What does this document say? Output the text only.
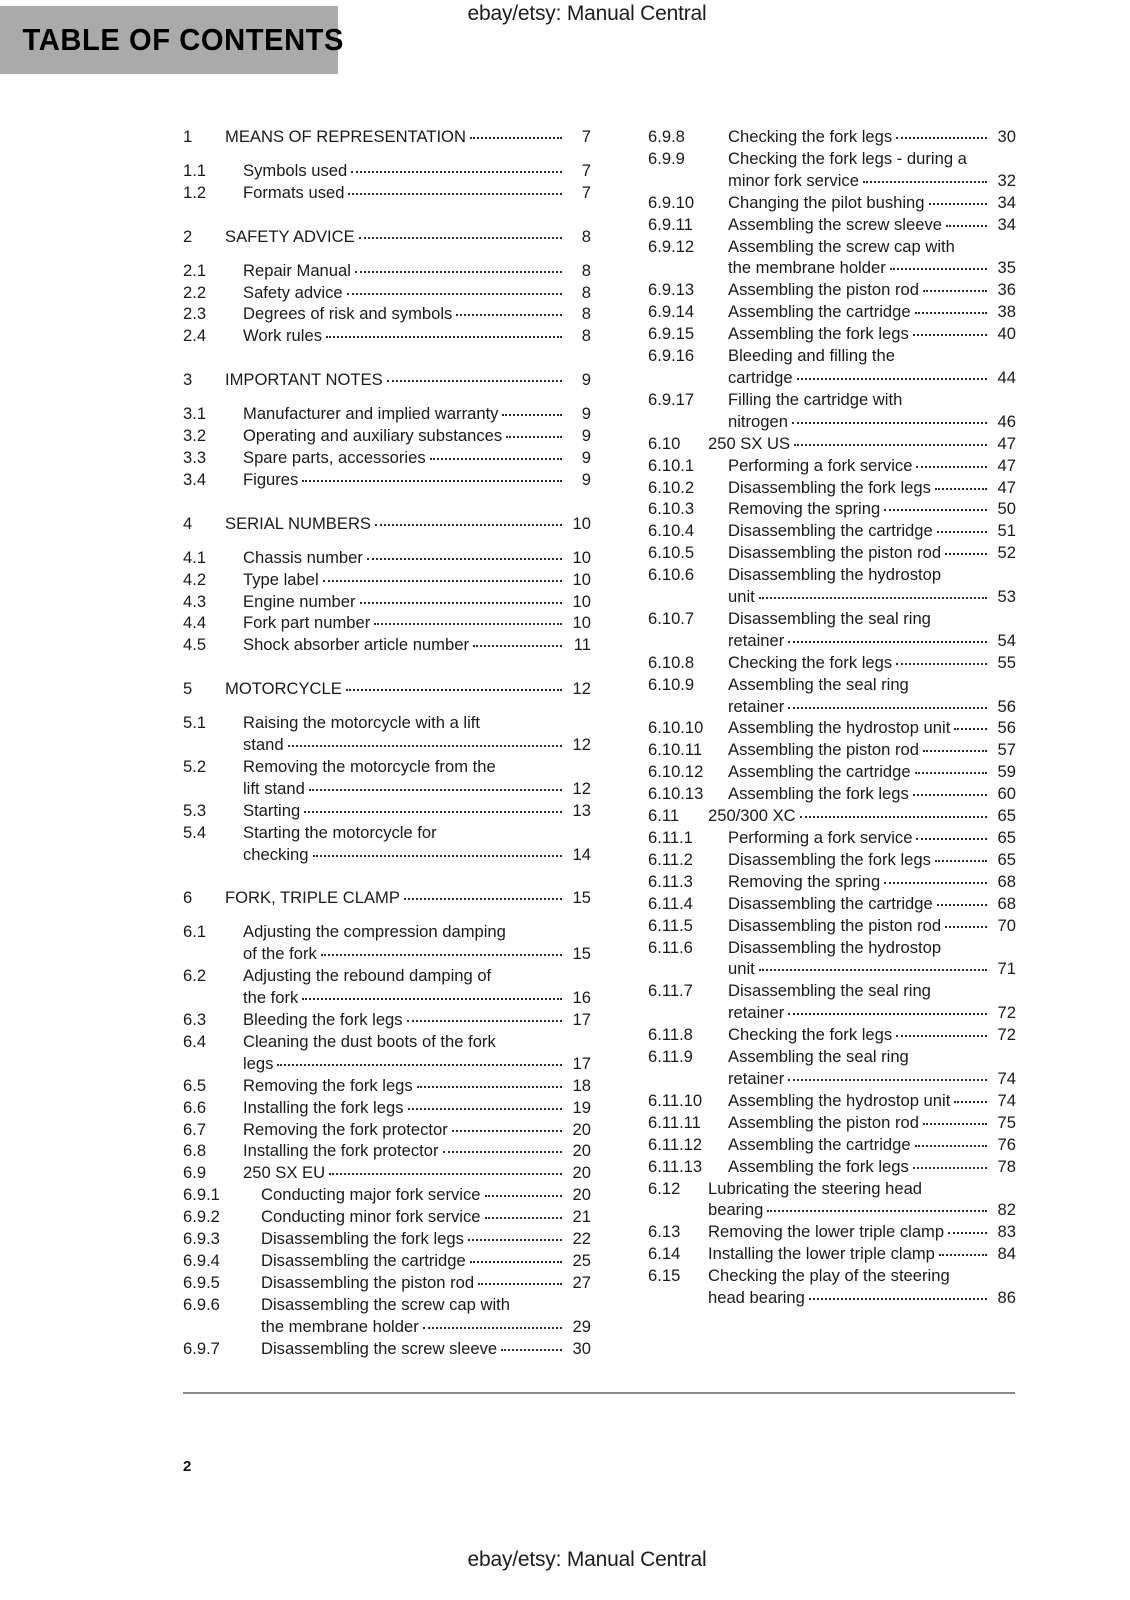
ebay/etsy: Manual Central
TABLE OF CONTENTS
1	MEANS OF REPRESENTATION	7
1.1	Symbols used	7
1.2	Formats used	7
2	SAFETY ADVICE	8
2.1	Repair Manual	8
2.2	Safety advice	8
2.3	Degrees of risk and symbols	8
2.4	Work rules	8
3	IMPORTANT NOTES	9
3.1	Manufacturer and implied warranty	9
3.2	Operating and auxiliary substances	9
3.3	Spare parts, accessories	9
3.4	Figures	9
4	SERIAL NUMBERS	10
4.1	Chassis number	10
4.2	Type label	10
4.3	Engine number	10
4.4	Fork part number	10
4.5	Shock absorber article number	11
5	MOTORCYCLE	12
5.1	Raising the motorcycle with a lift
stand	12
5.2	Removing the motorcycle from the
lift stand	12
5.3	Starting	13
5.4	Starting the motorcycle for
checking	14
6	FORK, TRIPLE CLAMP	15
6.1	Adjusting the compression damping
of the fork	15
6.2	Adjusting the rebound damping of
the fork	16
6.3	Bleeding the fork legs	17
6.4	Cleaning the dust boots of the fork
legs	17
6.5	Removing the fork legs	18
6.6	Installing the fork legs	19
6.7	Removing the fork protector	20
6.8	Installing the fork protector	20
6.9	250 SX EU	20
6.9.1	Conducting major fork service	20
6.9.2	Conducting minor fork service	21
6.9.3	Disassembling the fork legs	22
6.9.4	Disassembling the cartridge	25
6.9.5	Disassembling the piston rod	27
6.9.6	Disassembling the screw cap with
the membrane holder	29
6.9.7	Disassembling the screw sleeve	30
6.9.8	Checking the fork legs	30
6.9.9	Checking the fork legs - during a
minor fork service	32
6.9.10	Changing the pilot bushing	34
6.9.11	Assembling the screw sleeve	34
6.9.12	Assembling the screw cap with
the membrane holder	35
6.9.13	Assembling the piston rod	36
6.9.14	Assembling the cartridge	38
6.9.15	Assembling the fork legs	40
6.9.16	Bleeding and filling the
cartridge	44
6.9.17	Filling the cartridge with
nitrogen	46
6.10	250 SX US	47
6.10.1	Performing a fork service	47
6.10.2	Disassembling the fork legs	47
6.10.3	Removing the spring	50
6.10.4	Disassembling the cartridge	51
6.10.5	Disassembling the piston rod	52
6.10.6	Disassembling the hydrostop
unit	53
6.10.7	Disassembling the seal ring
retainer	54
6.10.8	Checking the fork legs	55
6.10.9	Assembling the seal ring
retainer	56
6.10.10	Assembling the hydrostop unit	56
6.10.11	Assembling the piston rod	57
6.10.12	Assembling the cartridge	59
6.10.13	Assembling the fork legs	60
6.11	250/300 XC	65
6.11.1	Performing a fork service	65
6.11.2	Disassembling the fork legs	65
6.11.3	Removing the spring	68
6.11.4	Disassembling the cartridge	68
6.11.5	Disassembling the piston rod	70
6.11.6	Disassembling the hydrostop
unit	71
6.11.7	Disassembling the seal ring
retainer	72
6.11.8	Checking the fork legs	72
6.11.9	Assembling the seal ring
retainer	74
6.11.10	Assembling the hydrostop unit	74
6.11.11	Assembling the piston rod	75
6.11.12	Assembling the cartridge	76
6.11.13	Assembling the fork legs	78
6.12	Lubricating the steering head
bearing	82
6.13	Removing the lower triple clamp	83
6.14	Installing the lower triple clamp	84
6.15	Checking the play of the steering
head bearing	86
2
ebay/etsy: Manual Central
